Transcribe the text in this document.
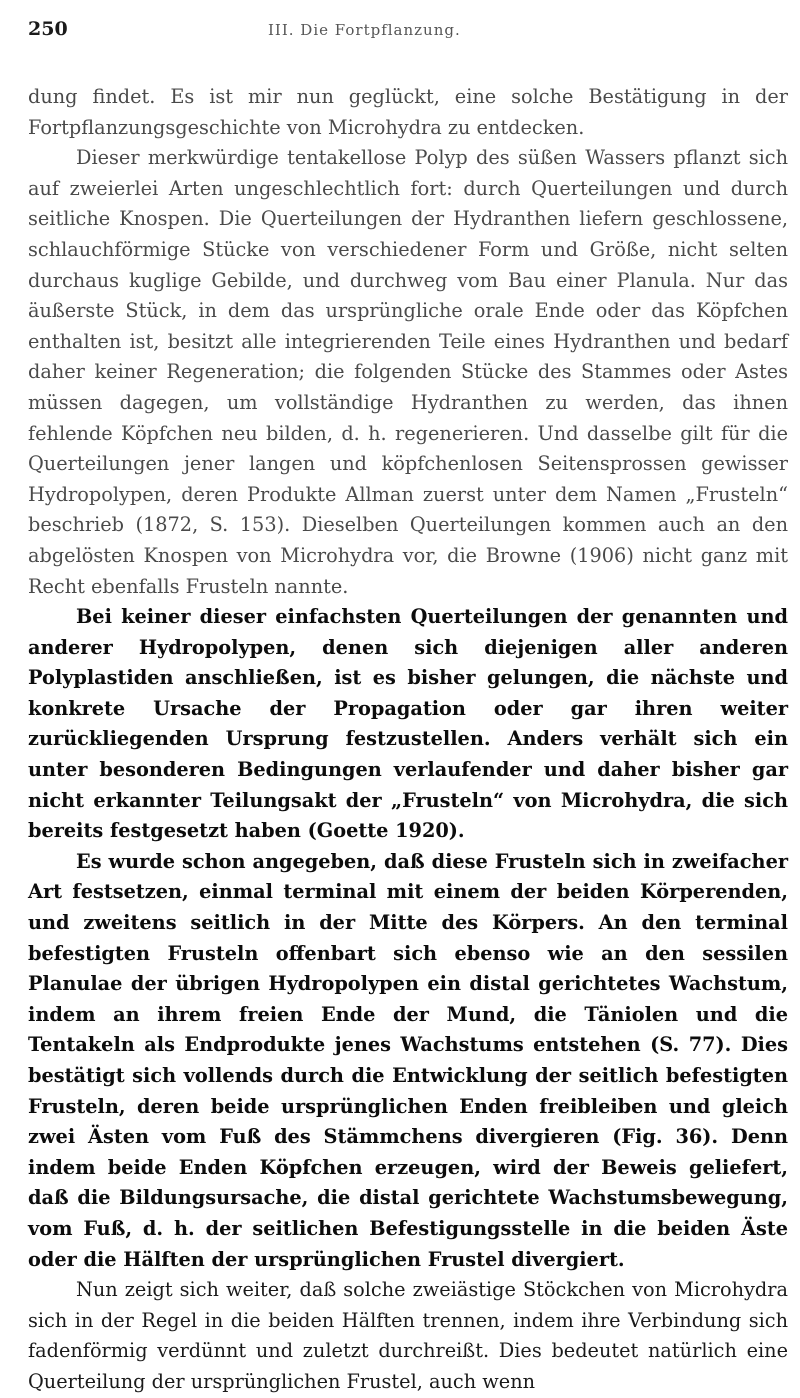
250	III. Die Fortpflanzung.

dung findet. Es ist mir nun geglückt, eine solche Bestätigung in der Fortpflanzungsgeschichte von Microhydra zu entdecken.

Dieser merkwürdige tentakellose Polyp des süßen Wassers pflanzt sich auf zweierlei Arten ungeschlechtlich fort: durch Querteilungen und durch seitliche Knospen. Die Querteilungen der Hydranthen liefern geschlossene, schlauchförmige Stücke von verschiedener Form und Größe, nicht selten durchaus kuglige Gebilde, und durchweg vom Bau einer Planula. Nur das äußerste Stück, in dem das ursprüngliche orale Ende oder das Köpfchen enthalten ist, besitzt alle integrierenden Teile eines Hydranthen und bedarf daher keiner Regeneration; die folgenden Stücke des Stammes oder Astes müssen dagegen, um vollständige Hydranthen zu werden, das ihnen fehlende Köpfchen neu bilden, d. h. regenerieren. Und dasselbe gilt für die Querteilungen jener langen und köpfchenlosen Seitensprossen gewisser Hydropolypen, deren Produkte Allman zuerst unter dem Namen „Frusteln“ beschrieb (1872, S. 153). Dieselben Querteilungen kommen auch an den abgelösten Knospen von Microhydra vor, die Browne (1906) nicht ganz mit Recht ebenfalls Frusteln nannte.

Bei keiner dieser einfachsten Querteilungen der genannten und anderer Hydropolypen, denen sich diejenigen aller anderen Polyplastiden anschließen, ist es bisher gelungen, die nächste und konkrete Ursache der Propagation oder gar ihren weiter zurückliegenden Ursprung festzustellen. Anders verhält sich ein unter besonderen Bedingungen verlaufender und daher bisher gar nicht erkannter Teilungsakt der „Frusteln“ von Microhydra, die sich bereits festgesetzt haben (Goette 1920).

Es wurde schon angegeben, daß diese Frusteln sich in zweifacher Art festsetzen, einmal terminal mit einem der beiden Körperenden, und zweitens seitlich in der Mitte des Körpers. An den terminal befestigten Frusteln offenbart sich ebenso wie an den sessilen Planulae der übrigen Hydropolypen ein distal gerichtetes Wachstum, indem an ihrem freien Ende der Mund, die Täniolen und die Tentakeln als Endprodukte jenes Wachstums entstehen (S. 77). Dies bestätigt sich vollends durch die Entwicklung der seitlich befestigten Frusteln, deren beide ursprünglichen Enden freibleiben und gleich zwei Ästen vom Fuß des Stämmchens divergieren (Fig. 36). Denn indem beide Enden Köpfchen erzeugen, wird der Beweis geliefert, daß die Bildungsursache, die distal gerichtete Wachstumsbewegung, vom Fuß, d. h. der seitlichen Befestigungsstelle in die beiden Äste oder die Hälften der ursprünglichen Frustel divergiert.

Nun zeigt sich weiter, daß solche zweiästige Stöckchen von Microhydra sich in der Regel in die beiden Hälften trennen, indem ihre Verbindung sich fadenförmig verdünnt und zuletzt durchreißt. Dies bedeutet natürlich eine Querteilung der ursprünglichen Frustel, auch wenn
